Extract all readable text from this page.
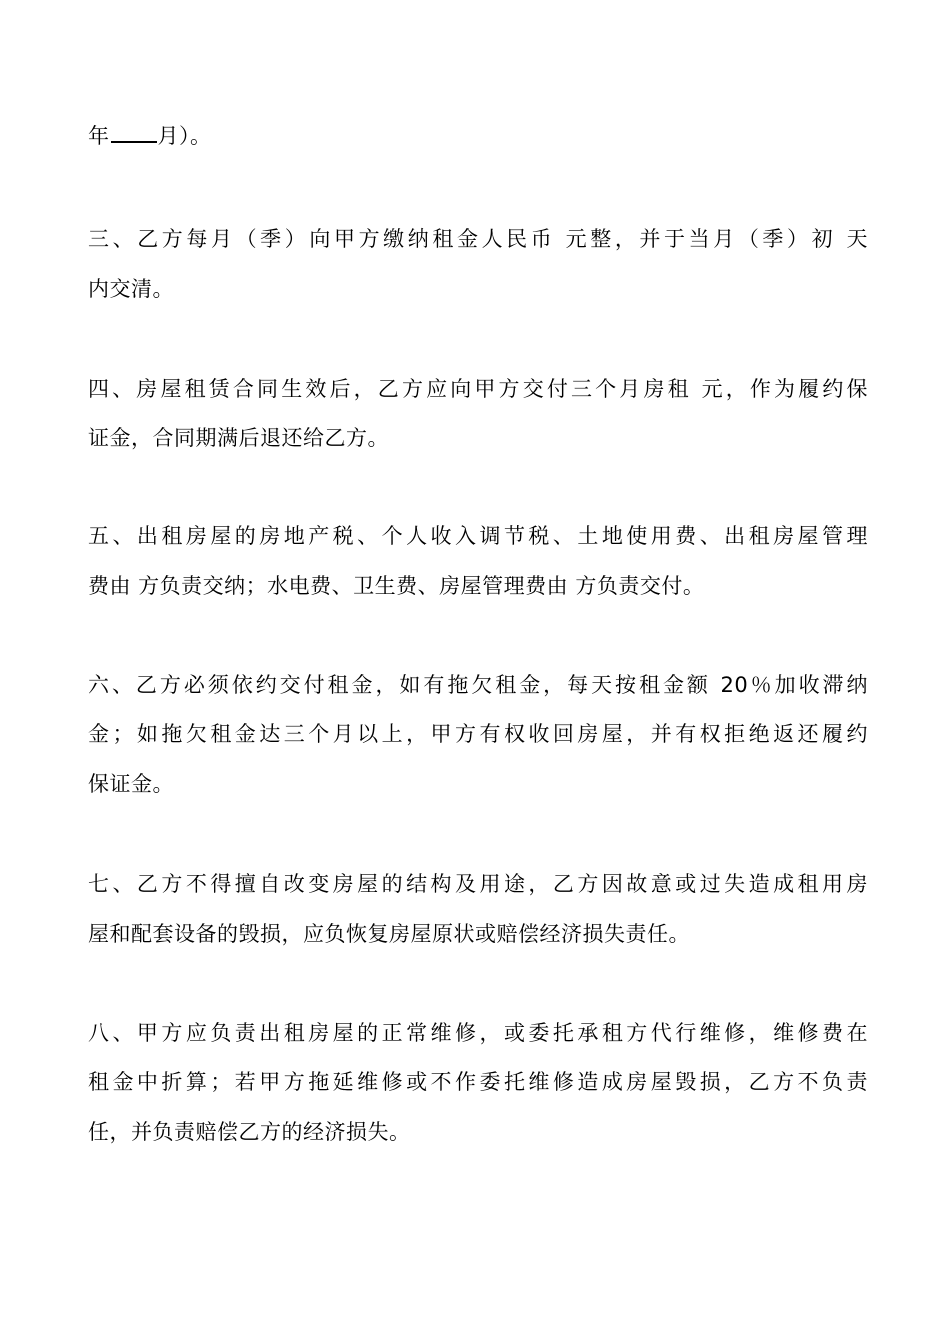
年 月）。
三、乙方每月（季）向甲方缴纳租金人民币 元整，并于当月（季）初 天
内交清。
四、房屋租赁合同生效后，乙方应向甲方交付三个月房租 元，作为履约保
证金，合同期满后退还给乙方。
五、出租房屋的房地产税、个人收入调节税、土地使用费、出租房屋管理
费由 方负责交纳；水电费、卫生费、房屋管理费由 方负责交付。
六、乙方必须依约交付租金，如有拖欠租金，每天按租金额 20％加收滞纳
金；如拖欠租金达三个月以上，甲方有权收回房屋，并有权拒绝返还履约
保证金。
七、乙方不得擅自改变房屋的结构及用途，乙方因故意或过失造成租用房
屋和配套设备的毁损，应负恢复房屋原状或赔偿经济损失责任。
八、甲方应负责出租房屋的正常维修，或委托承租方代行维修，维修费在
租金中折算；若甲方拖延维修或不作委托维修造成房屋毁损，乙方不负责
任，并负责赔偿乙方的经济损失。
